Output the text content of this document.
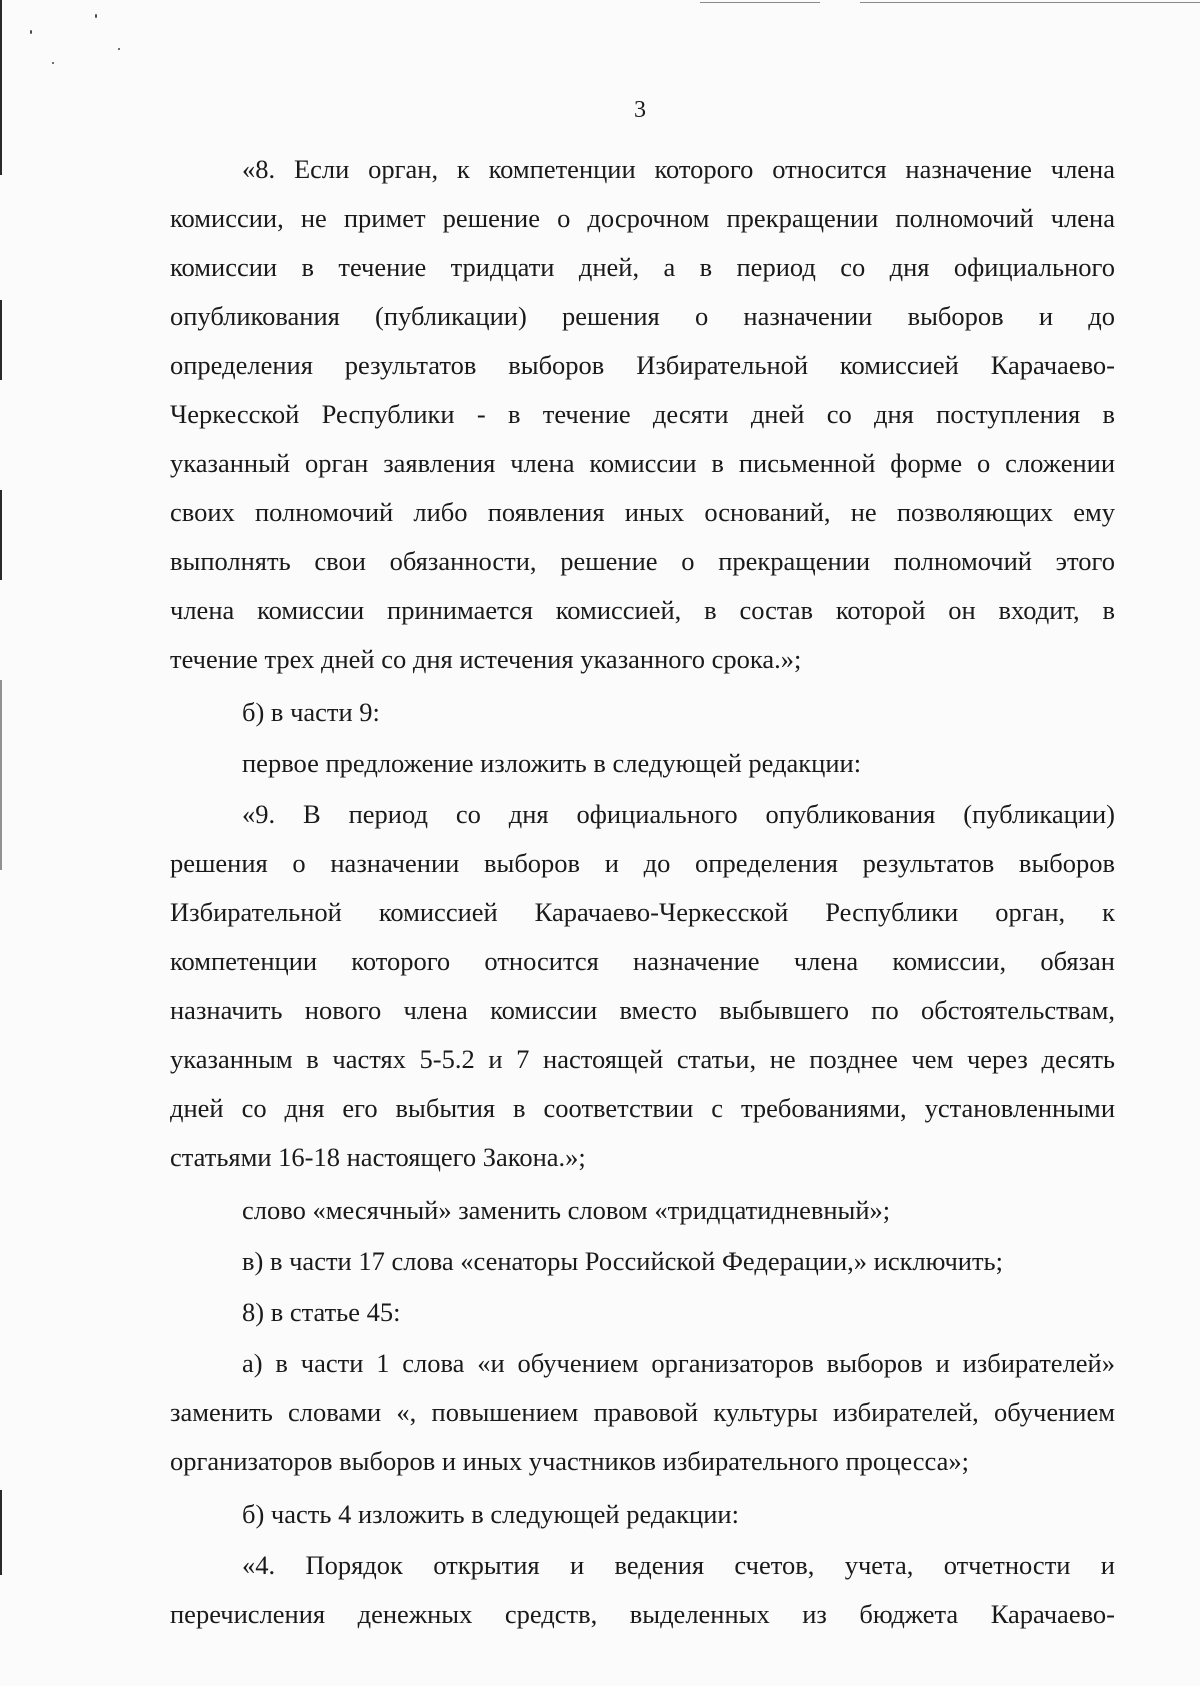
3
«8. Если орган, к компетенции которого относится назначение члена
комиссии, не примет решение о досрочном прекращении полномочий члена
комиссии в течение тридцати дней, а в период со дня официального
опубликования (публикации) решения о назначении выборов и до
определения результатов выборов Избирательной комиссией Карачаево-
Черкесской Республики - в течение десяти дней со дня поступления в
указанный орган заявления члена комиссии в письменной форме о сложении
своих полномочий либо появления иных оснований, не позволяющих ему
выполнять свои обязанности, решение о прекращении полномочий этого
члена комиссии принимается комиссией, в состав которой он входит, в
течение трех дней со дня истечения указанного срока.»;
б) в части 9:
первое предложение изложить в следующей редакции:
«9. В период со дня официального опубликования (публикации)
решения о назначении выборов и до определения результатов выборов
Избирательной комиссией Карачаево-Черкесской Республики орган, к
компетенции которого относится назначение члена комиссии, обязан
назначить нового члена комиссии вместо выбывшего по обстоятельствам,
указанным в частях 5-5.2 и 7 настоящей статьи, не позднее чем через десять
дней со дня его выбытия в соответствии с требованиями, установленными
статьями 16-18 настоящего Закона.»;
слово «месячный» заменить словом «тридцатидневный»;
в) в части 17 слова «сенаторы Российской Федерации,» исключить;
8) в статье 45:
а) в части 1 слова «и обучением организаторов выборов и избирателей»
заменить словами «, повышением правовой культуры избирателей, обучением
организаторов выборов и иных участников избирательного процесса»;
б) часть 4 изложить в следующей редакции:
«4. Порядок открытия и ведения счетов, учета, отчетности и
перечисления денежных средств, выделенных из бюджета Карачаево-
